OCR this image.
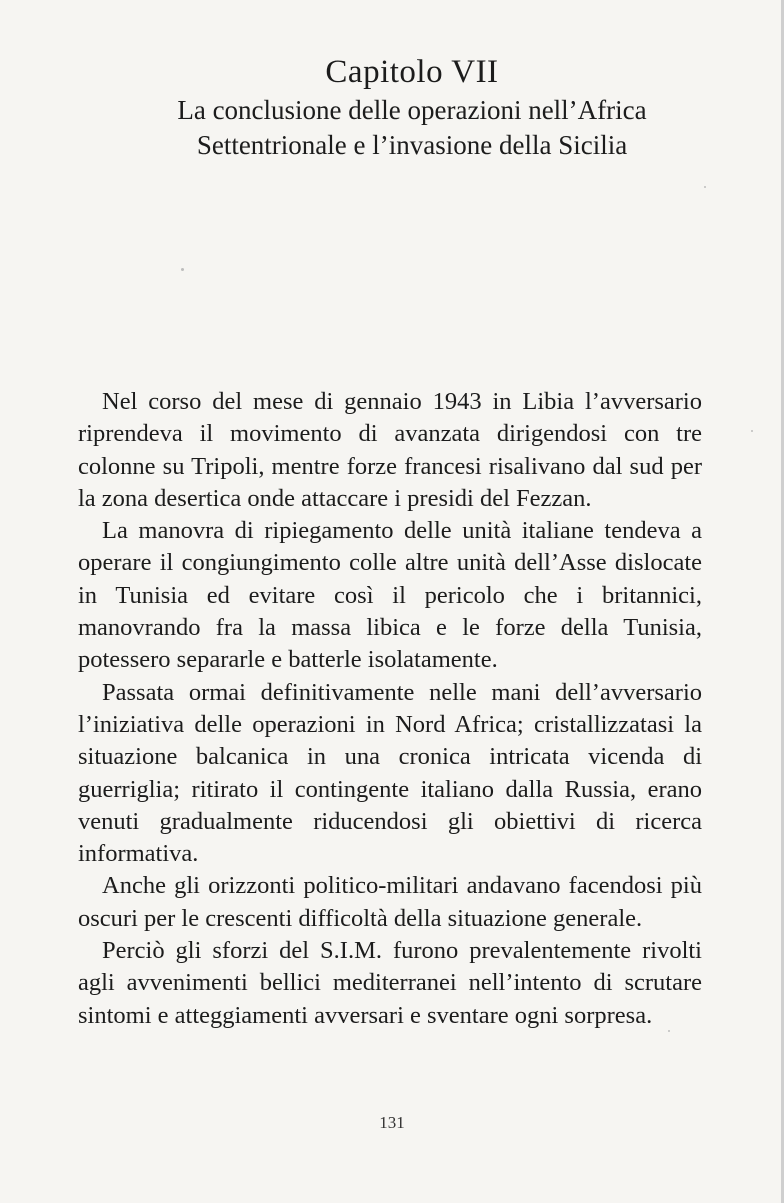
Capitolo VII
La conclusione delle operazioni nell’Africa
Settentrionale e l’invasione della Sicilia

Nel corso del mese di gennaio 1943 in Libia l’avversario riprendeva il movimento di avanzata dirigendosi con tre colonne su Tripoli, mentre forze francesi risalivano dal sud per la zona desertica onde attaccare i presidi del Fezzan.

La manovra di ripiegamento delle unità italiane tendeva a operare il congiungimento colle altre unità dell’Asse dislocate in Tunisia ed evitare così il pericolo che i britannici, manovrando fra la massa libica e le forze della Tunisia, potessero separarle e batterle isolatamente.

Passata ormai definitivamente nelle mani dell’avversario l’iniziativa delle operazioni in Nord Africa; cristallizzatasi la situazione balcanica in una cronica intricata vicenda di guerriglia; ritirato il contingente italiano dalla Russia, erano venuti gradualmente riducendosi gli obiettivi di ricerca informativa.

Anche gli orizzonti politico-militari andavano facendosi più oscuri per le crescenti difficoltà della situazione generale.

Perciò gli sforzi del S.I.M. furono prevalentemente rivolti agli avvenimenti bellici mediterranei nell’intento di scrutare sintomi e atteggiamenti avversari e sventare ogni sorpresa.

131
